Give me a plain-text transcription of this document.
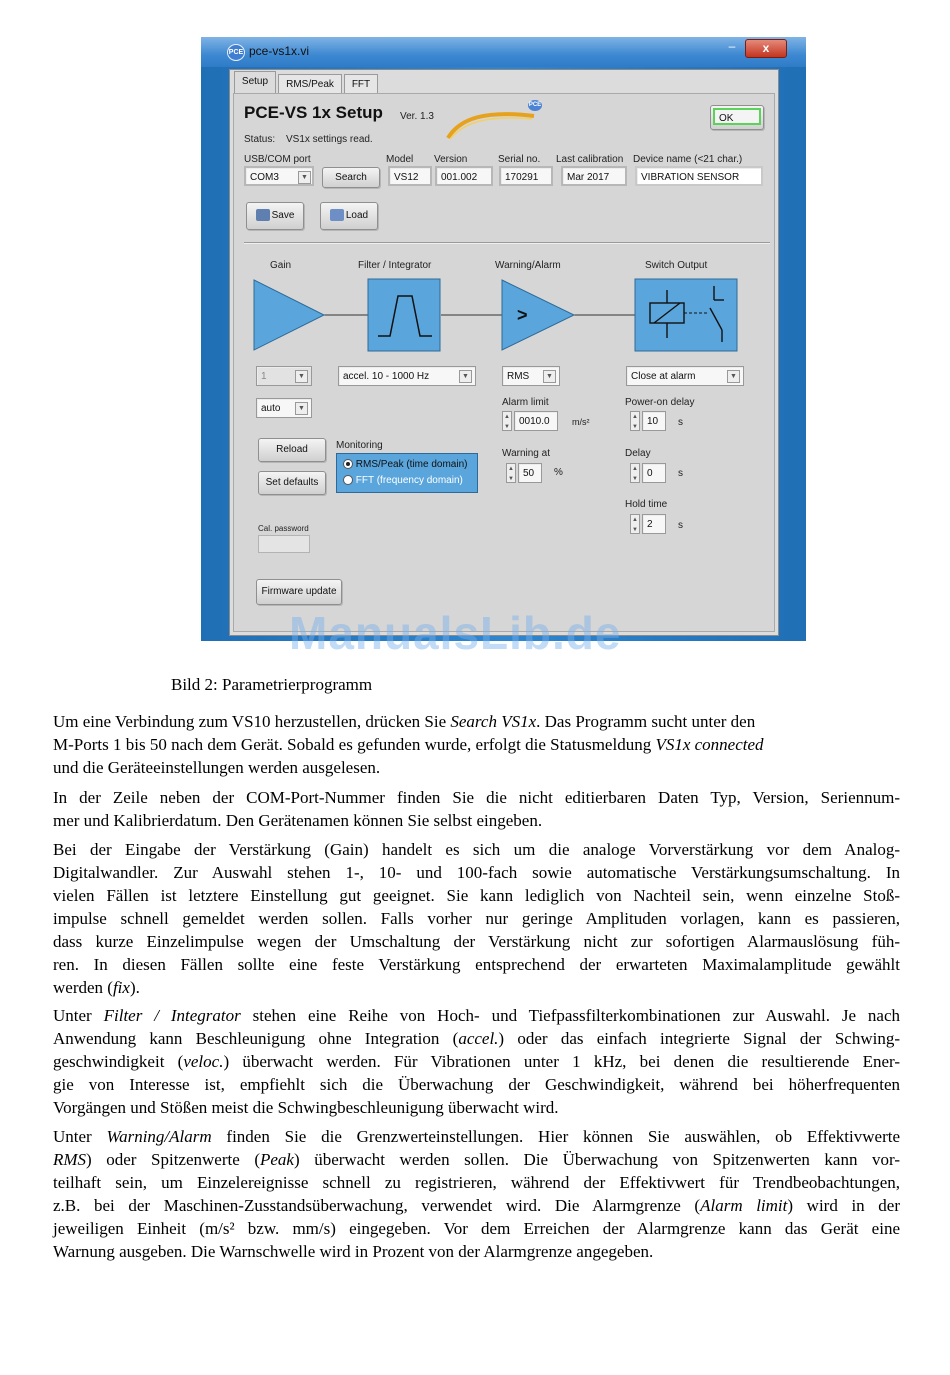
PCE pce-vs1x.vi	–	x
Setup	RMS/Peak	FFT
PCE-VS 1x Setup Ver. 1.3
PCE
OK
Status: VS1x settings read.
USB/COM port
COM3	▼	Search
Model
VS12
Version
001.002
Serial no.
170291
Last calibration
Mar 2017
Device name (<21 char.)
VIBRATION SENSOR
Save	Load
Gain	Filter / Integrator	Warning/Alarm	Switch Output
>
1	▼
auto	▼
accel. 10 - 1000 Hz	▼	RMS	▼
Alarm limit
▲
▼ 0010.0	m/s²
Warning at
▲
▼ 50	%
Close at alarm	▼
Power-on delay
▲
▼ 10	s
Delay
▲
▼ 0	s
Hold time
▲
▼ 2	s
Reload
Set defaults
Monitoring
RMS/Peak (time domain)
FFT (frequency domain)
Cal. password
Firmware update
ManualsLib.de
Bild 2: Parametrierprogramm
Um eine Verbindung zum VS10 herzustellen, drücken Sie Search VS1x. Das Programm sucht unter den
M-Ports 1 bis 50 nach dem Gerät. Sobald es gefunden wurde, erfolgt die Statusmeldung VS1x connected
und die Geräteeinstellungen werden ausgelesen.
In der Zeile neben der COM-Port-Nummer finden Sie die nicht editierbaren Daten Typ, Version, Seriennum-
mer und Kalibrierdatum. Den Gerätenamen können Sie selbst eingeben.
Bei der Eingabe der Verstärkung (Gain) handelt es sich um die analoge Vorverstärkung vor dem Analog-
Digitalwandler. Zur Auswahl stehen 1-, 10- und 100-fach sowie automatische Verstärkungsumschaltung. In
vielen Fällen ist letztere Einstellung gut geeignet. Sie kann lediglich von Nachteil sein, wenn einzelne Stoß-
impulse schnell gemeldet werden sollen. Falls vorher nur geringe Amplituden vorlagen, kann es passieren,
dass kurze Einzelimpulse wegen der Umschaltung der Verstärkung nicht zur sofortigen Alarmauslösung füh-
ren. In diesen Fällen sollte eine feste Verstärkung entsprechend der erwarteten Maximalamplitude gewählt
werden (fix).
Unter Filter / Integrator stehen eine Reihe von Hoch- und Tiefpassfilterkombinationen zur Auswahl. Je nach
Anwendung kann Beschleunigung ohne Integration (accel.) oder das einfach integrierte Signal der Schwing-
geschwindigkeit (veloc.) überwacht werden. Für Vibrationen unter 1 kHz, bei denen die resultierende Ener-
gie von Interesse ist, empfiehlt sich die Überwachung der Geschwindigkeit, während bei höherfrequenten
Vorgängen und Stößen meist die Schwingbeschleunigung überwacht wird.
Unter Warning/Alarm finden Sie die Grenzwerteinstellungen. Hier können Sie auswählen, ob Effektivwerte
RMS) oder Spitzenwerte (Peak) überwacht werden sollen. Die Überwachung von Spitzenwerten kann vor-
teilhaft sein, um Einzelereignisse schnell zu registrieren, während der Effektivwert für Trendbeobachtungen,
z.B. bei der Maschinen-Zusstandsüberwachung, verwendet wird. Die Alarmgrenze (Alarm limit) wird in der
jeweiligen Einheit (m/s² bzw. mm/s) eingegeben. Vor dem Erreichen der Alarmgrenze kann das Gerät eine
Warnung ausgeben. Die Warnschwelle wird in Prozent von der Alarmgrenze angegeben.
